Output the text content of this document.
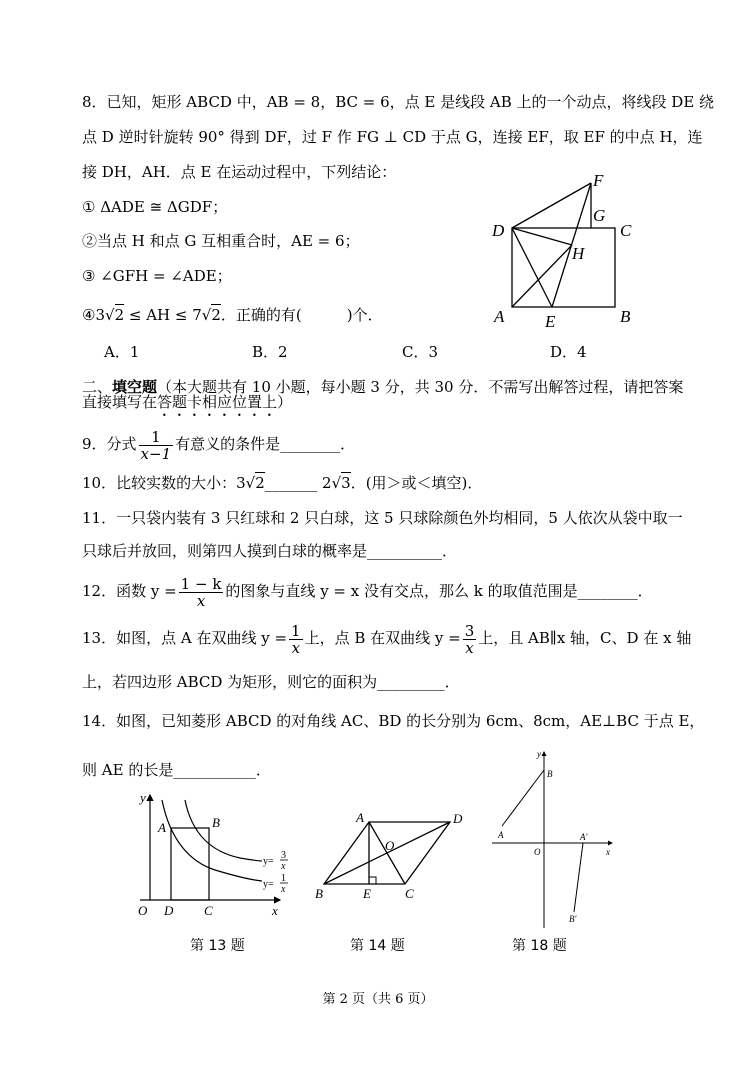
8．已知，矩形 ABCD 中，AB = 8，BC = 6，点 E 是线段 AB 上的一个动点，将线段 DE 绕
点 D 逆时针旋转 90° 得到 DF，过 F 作 FG ⊥ CD 于点 G，连接 EF，取 EF 的中点 H，连
接 DH，AH．点 E 在运动过程中，下列结论：
① ΔADE ≅ ΔGDF；
②当点 H 和点 G 互相重合时，AE = 6；
③ ∠GFH = ∠ADE；
④3√2 ≤ AH ≤ 7√2．正确的有(　　　)个．
F
G
D	C
H
A E	B
A．1	B．2	C．3	D．4
二、填空题（本大题共有 10 小题，每小题 3 分，共 30 分．不需写出解答过程，请把答案
直接填写在答题卡相应位置上）
9．分式 $\frac{1}{x-1}$ 有意义的条件是________．
10．比较实数的大小：3√2_______ 2√3．(用＞或＜填空)．
11．一只袋内装有 3 只红球和 2 只白球，这 5 只球除颜色外均相同，5 人依次从袋中取一
只球后并放回，则第四人摸到白球的概率是__________．
12．函数 $y = \frac{1 - k}{x}$ 的图象与直线 y = x 没有交点，那么 k 的取值范围是________．
13．如图，点 A 在双曲线 $y = \frac{1}{x}$ 上，点 B 在双曲线 $y = \frac{3}{x}$ 上，且 AB∥x 轴，C、D 在 x 轴
上，若四边形 ABCD 为矩形，则它的面积为_________．
14．如图，已知菱形 ABCD 的对角线 AC、BD 的长分别为 6cm、8cm，AE⊥BC 于点 E，
则 AE 的长是___________．
y
A	B
O D C	x
y=
3
x
y=
1
x
A	D
O
B	E	C
y
B
A
O
A′
x
B′
第 13 题	第 14 题	第 18 题
第 2 页（共 6 页）
